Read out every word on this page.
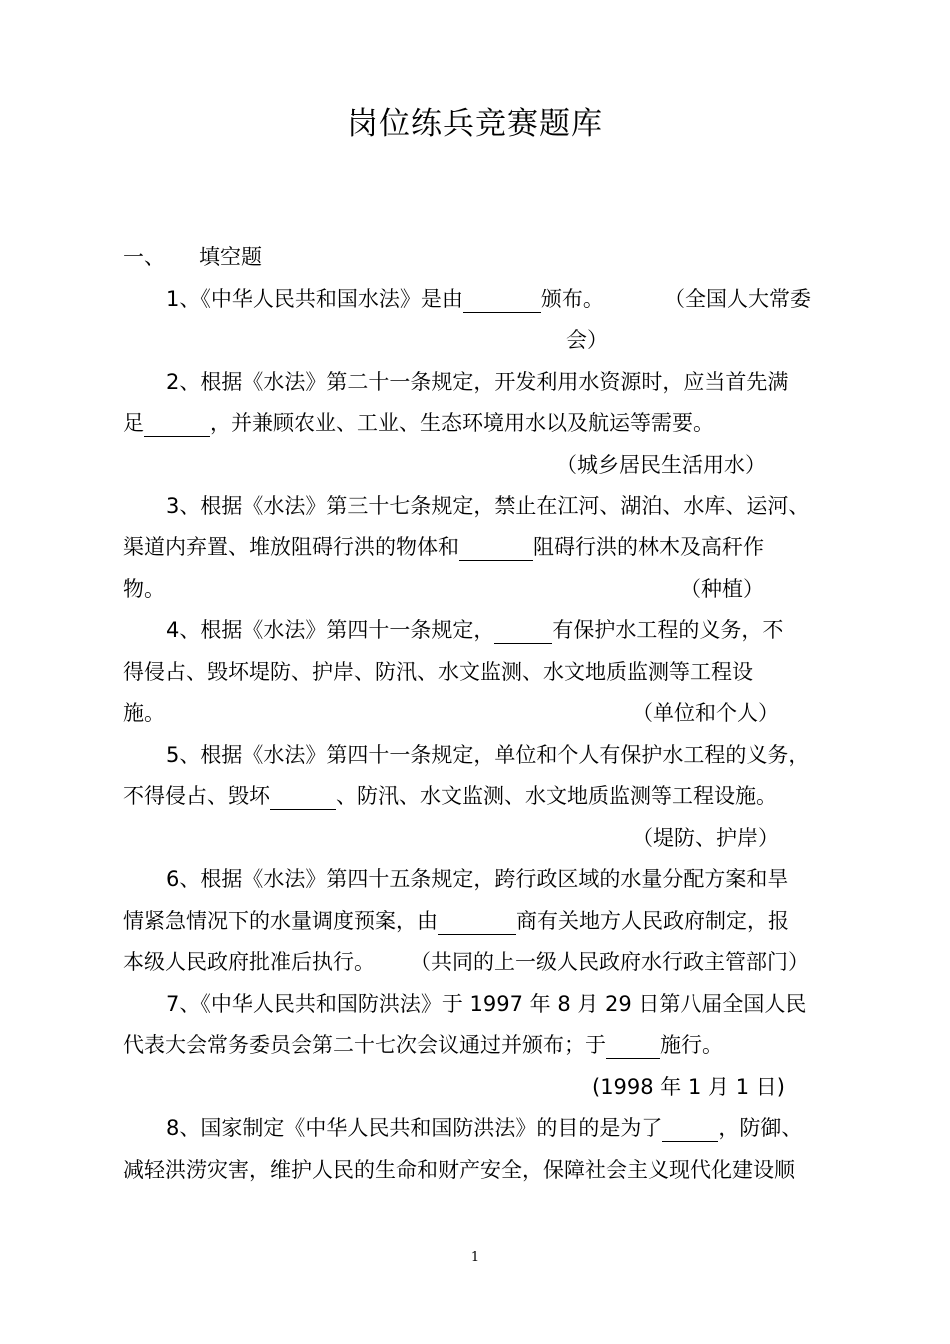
岗位练兵竞赛题库
一、 填空题
1、《中华人民共和国水法》是由	颁布。	（全国人大常委
会）
2、根据《水法》第二十一条规定，开发利用水资源时，应当首先满
足	，并兼顾农业、工业、生态环境用水以及航运等需要。
（城乡居民生活用水）
3、根据《水法》第三十七条规定，禁止在江河、湖泊、水库、运河、
渠道内弃置、堆放阻碍行洪的物体和	阻碍行洪的林木及高秆作
物。	（种植）
4、根据《水法》第四十一条规定，	有保护水工程的义务，不
得侵占、毁坏堤防、护岸、防汛、水文监测、水文地质监测等工程设
施。	（单位和个人）
5、根据《水法》第四十一条规定，单位和个人有保护水工程的义务，
不得侵占、毁坏	、防汛、水文监测、水文地质监测等工程设施。
（堤防、护岸）
6、根据《水法》第四十五条规定，跨行政区域的水量分配方案和旱
情紧急情况下的水量调度预案，由	商有关地方人民政府制定，报
本级人民政府批准后执行。 （共同的上一级人民政府水行政主管部门）
7、《中华人民共和国防洪法》于 1997 年 8 月 29 日第八届全国人民
代表大会常务委员会第二十七次会议通过并颁布；于	施行。
(1998 年 1 月 1 日)
8、国家制定《中华人民共和国防洪法》的目的是为了	，防御、
减轻洪涝灾害，维护人民的生命和财产安全，保障社会主义现代化建设顺
1
